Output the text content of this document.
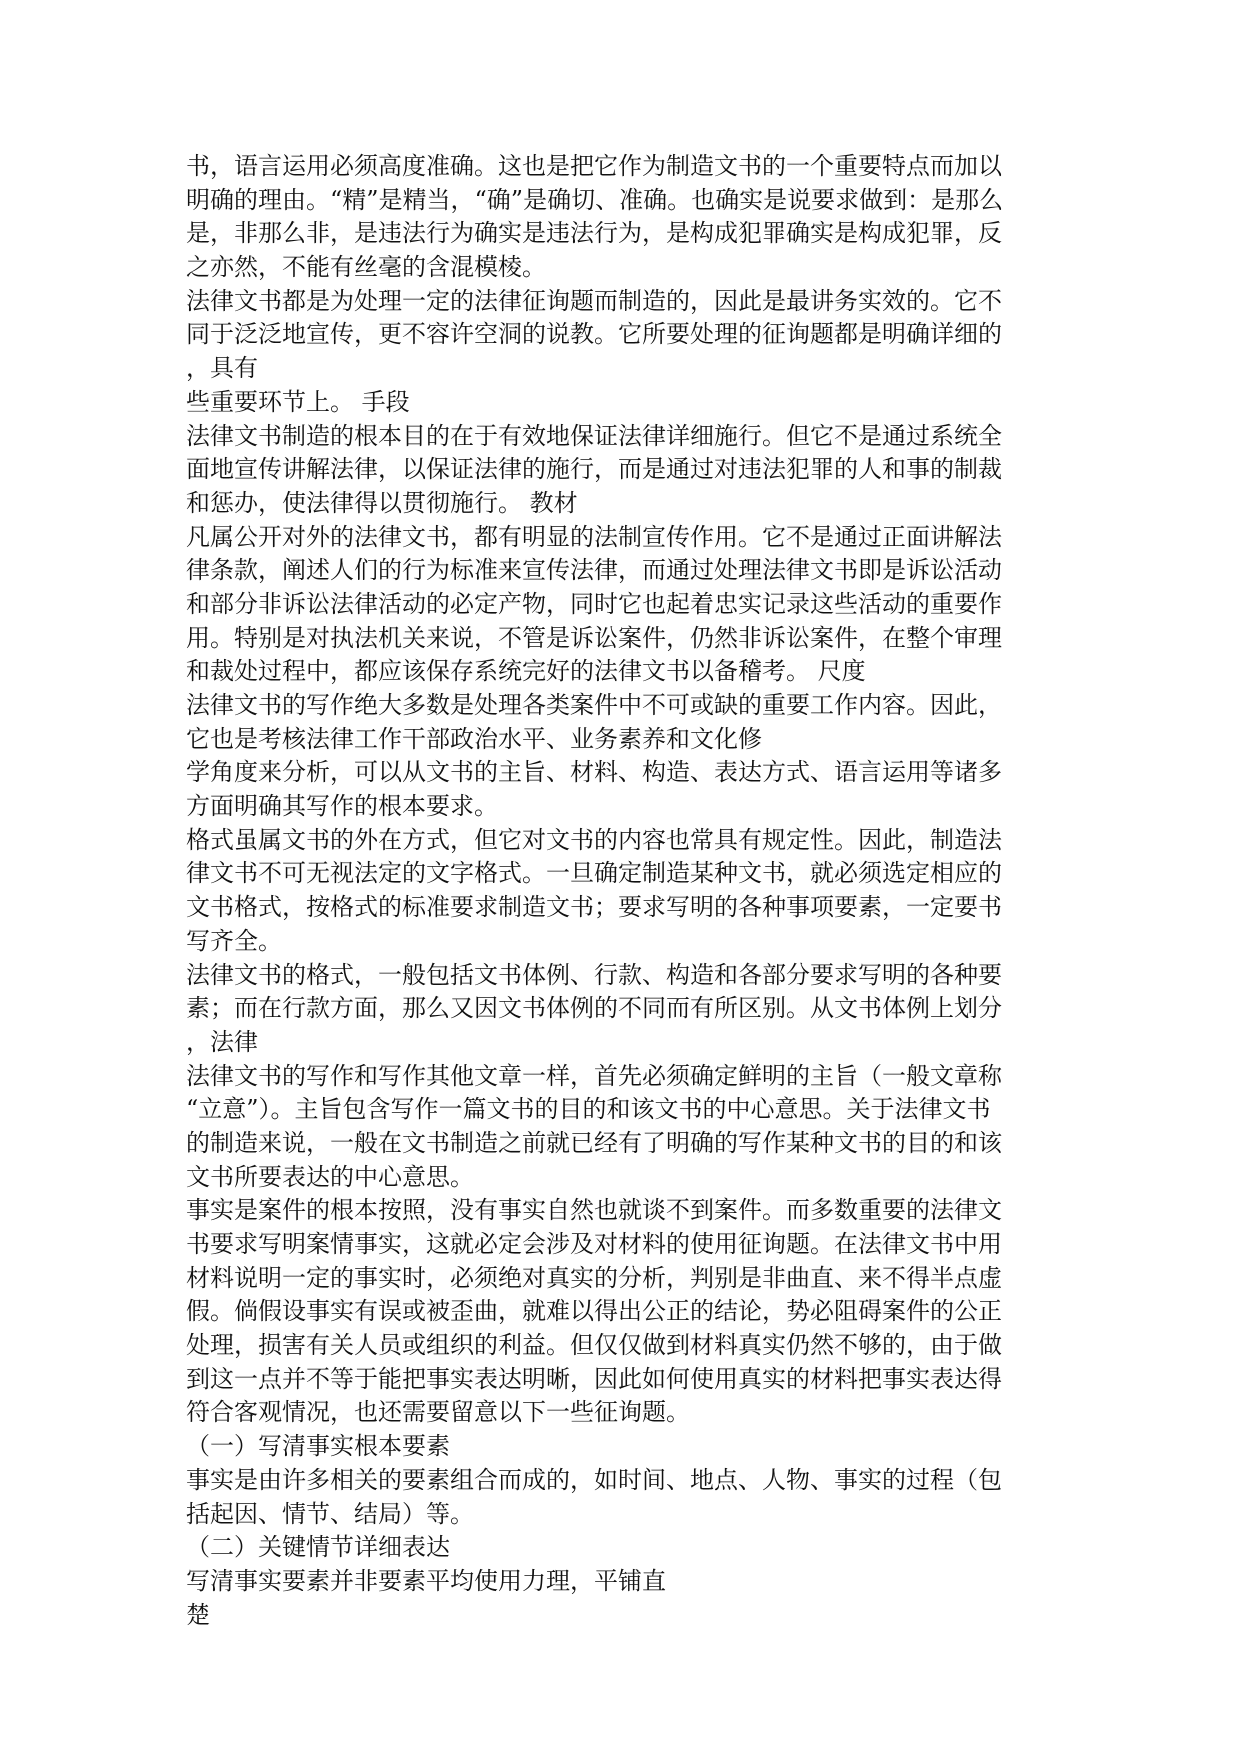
书，语言运用必须高度准确。这也是把它作为制造文书的一个重要特点而加以
明确的理由。“精”是精当，“确”是确切、准确。也确实是说要求做到：是那么
是，非那么非，是违法行为确实是违法行为，是构成犯罪确实是构成犯罪，反
之亦然，不能有丝毫的含混模棱。
法律文书都是为处理一定的法律征询题而制造的，因此是最讲务实效的。它不
同于泛泛地宣传，更不容许空洞的说教。它所要处理的征询题都是明确详细的
，具有
些重要环节上。 手段
法律文书制造的根本目的在于有效地保证法律详细施行。但它不是通过系统全
面地宣传讲解法律，以保证法律的施行，而是通过对违法犯罪的人和事的制裁
和惩办，使法律得以贯彻施行。 教材
凡属公开对外的法律文书，都有明显的法制宣传作用。它不是通过正面讲解法
律条款，阐述人们的行为标准来宣传法律，而通过处理法律文书即是诉讼活动
和部分非诉讼法律活动的必定产物，同时它也起着忠实记录这些活动的重要作
用。特别是对执法机关来说，不管是诉讼案件，仍然非诉讼案件，在整个审理
和裁处过程中，都应该保存系统完好的法律文书以备稽考。 尺度
法律文书的写作绝大多数是处理各类案件中不可或缺的重要工作内容。因此，
它也是考核法律工作干部政治水平、业务素养和文化修
学角度来分析，可以从文书的主旨、材料、构造、表达方式、语言运用等诸多
方面明确其写作的根本要求。
格式虽属文书的外在方式，但它对文书的内容也常具有规定性。因此，制造法
律文书不可无视法定的文字格式。一旦确定制造某种文书，就必须选定相应的
文书格式，按格式的标准要求制造文书；要求写明的各种事项要素，一定要书
写齐全。
法律文书的格式，一般包括文书体例、行款、构造和各部分要求写明的各种要
素；而在行款方面，那么又因文书体例的不同而有所区别。从文书体例上划分
，法律
法律文书的写作和写作其他文章一样，首先必须确定鲜明的主旨（一般文章称
“立意”）。主旨包含写作一篇文书的目的和该文书的中心意思。关于法律文书
的制造来说，一般在文书制造之前就已经有了明确的写作某种文书的目的和该
文书所要表达的中心意思。
事实是案件的根本按照，没有事实自然也就谈不到案件。而多数重要的法律文
书要求写明案情事实，这就必定会涉及对材料的使用征询题。在法律文书中用
材料说明一定的事实时，必须绝对真实的分析，判别是非曲直、来不得半点虚
假。倘假设事实有误或被歪曲，就难以得出公正的结论，势必阻碍案件的公正
处理，损害有关人员或组织的利益。但仅仅做到材料真实仍然不够的，由于做
到这一点并不等于能把事实表达明晰，因此如何使用真实的材料把事实表达得
符合客观情况，也还需要留意以下一些征询题。
（一）写清事实根本要素
事实是由许多相关的要素组合而成的，如时间、地点、人物、事实的过程（包
括起因、情节、结局）等。
（二）关键情节详细表达
写清事实要素并非要素平均使用力理，平铺直
楚
